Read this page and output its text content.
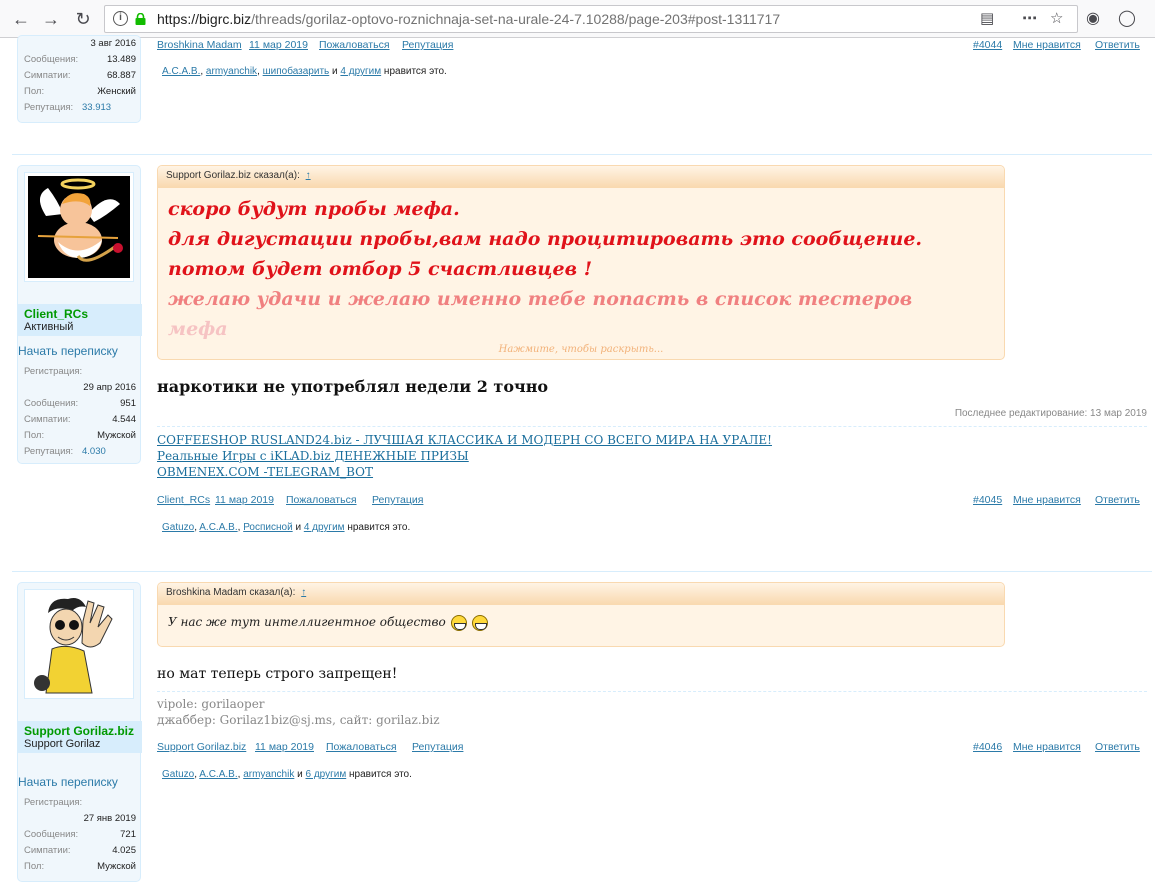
← → ↻	i	https://bigrc.biz/threads/gorilaz-optovo-roznichnaja-set-na-urale-24-7.10288/page-203#post-1311717	▤ ⋯ ☆ ◉ ◯
3 авг 2016
Сообщения:	13.489
Симпатии:	68.887
Пол:	Женский
Репутация: 33.913
Broshkina Madam 11 мар 2019 Пожаловаться Репутация	#4044 Мне нравится Ответить
A.C.A.B., armyanchik, шипобазарить и 4 другим нравится это.
Client_RCs
Активный
Начать переписку
Регистрация:
29 апр 2016
Сообщения:	951
Симпатии:	4.544
Пол:	Мужской
Репутация: 4.030
Support Gorilaz.biz сказал(а): ↑
скоро будут пробы мефа.
для дигустации пробы,вам надо процитировать это сообщение.
потом будет отбор 5 счастливцев !
желаю удачи и желаю именно тебе попасть в список тестеров
мефа
Нажмите, чтобы раскрыть...
наркотики не употреблял недели 2 точно
Последнее редактирование: 13 мар 2019
COFFEESHOP RUSLAND24.biz - ЛУЧШАЯ КЛАССИКА И МОДЕРН СО ВСЕГО МИРА НА УРАЛЕ!
Реальные Игры с iKLAD.biz ДЕНЕЖНЫЕ ПРИЗЫ
OBMENEX.COM -TELEGRAM_BOT
Client_RCs 11 мар 2019 Пожаловаться Репутация	#4045 Мне нравится Ответить
Gatuzo, A.C.A.B., Росписной и 4 другим нравится это.
Support Gorilaz.biz
Support Gorilaz
Начать переписку
Регистрация:
27 янв 2019
Сообщения:	721
Симпатии:	4.025
Пол:	Мужской
Broshkina Madam сказал(а): ↑
У нас же тут интеллигентное общество
но мат теперь строго запрещен!
vipole: gorilaoper
джаббер: Gorilaz1biz@sj.ms, сайт: gorilaz.biz
Support Gorilaz.biz 11 мар 2019 Пожаловаться Репутация	#4046 Мне нравится Ответить
Gatuzo, A.C.A.B., armyanchik и 6 другим нравится это.
